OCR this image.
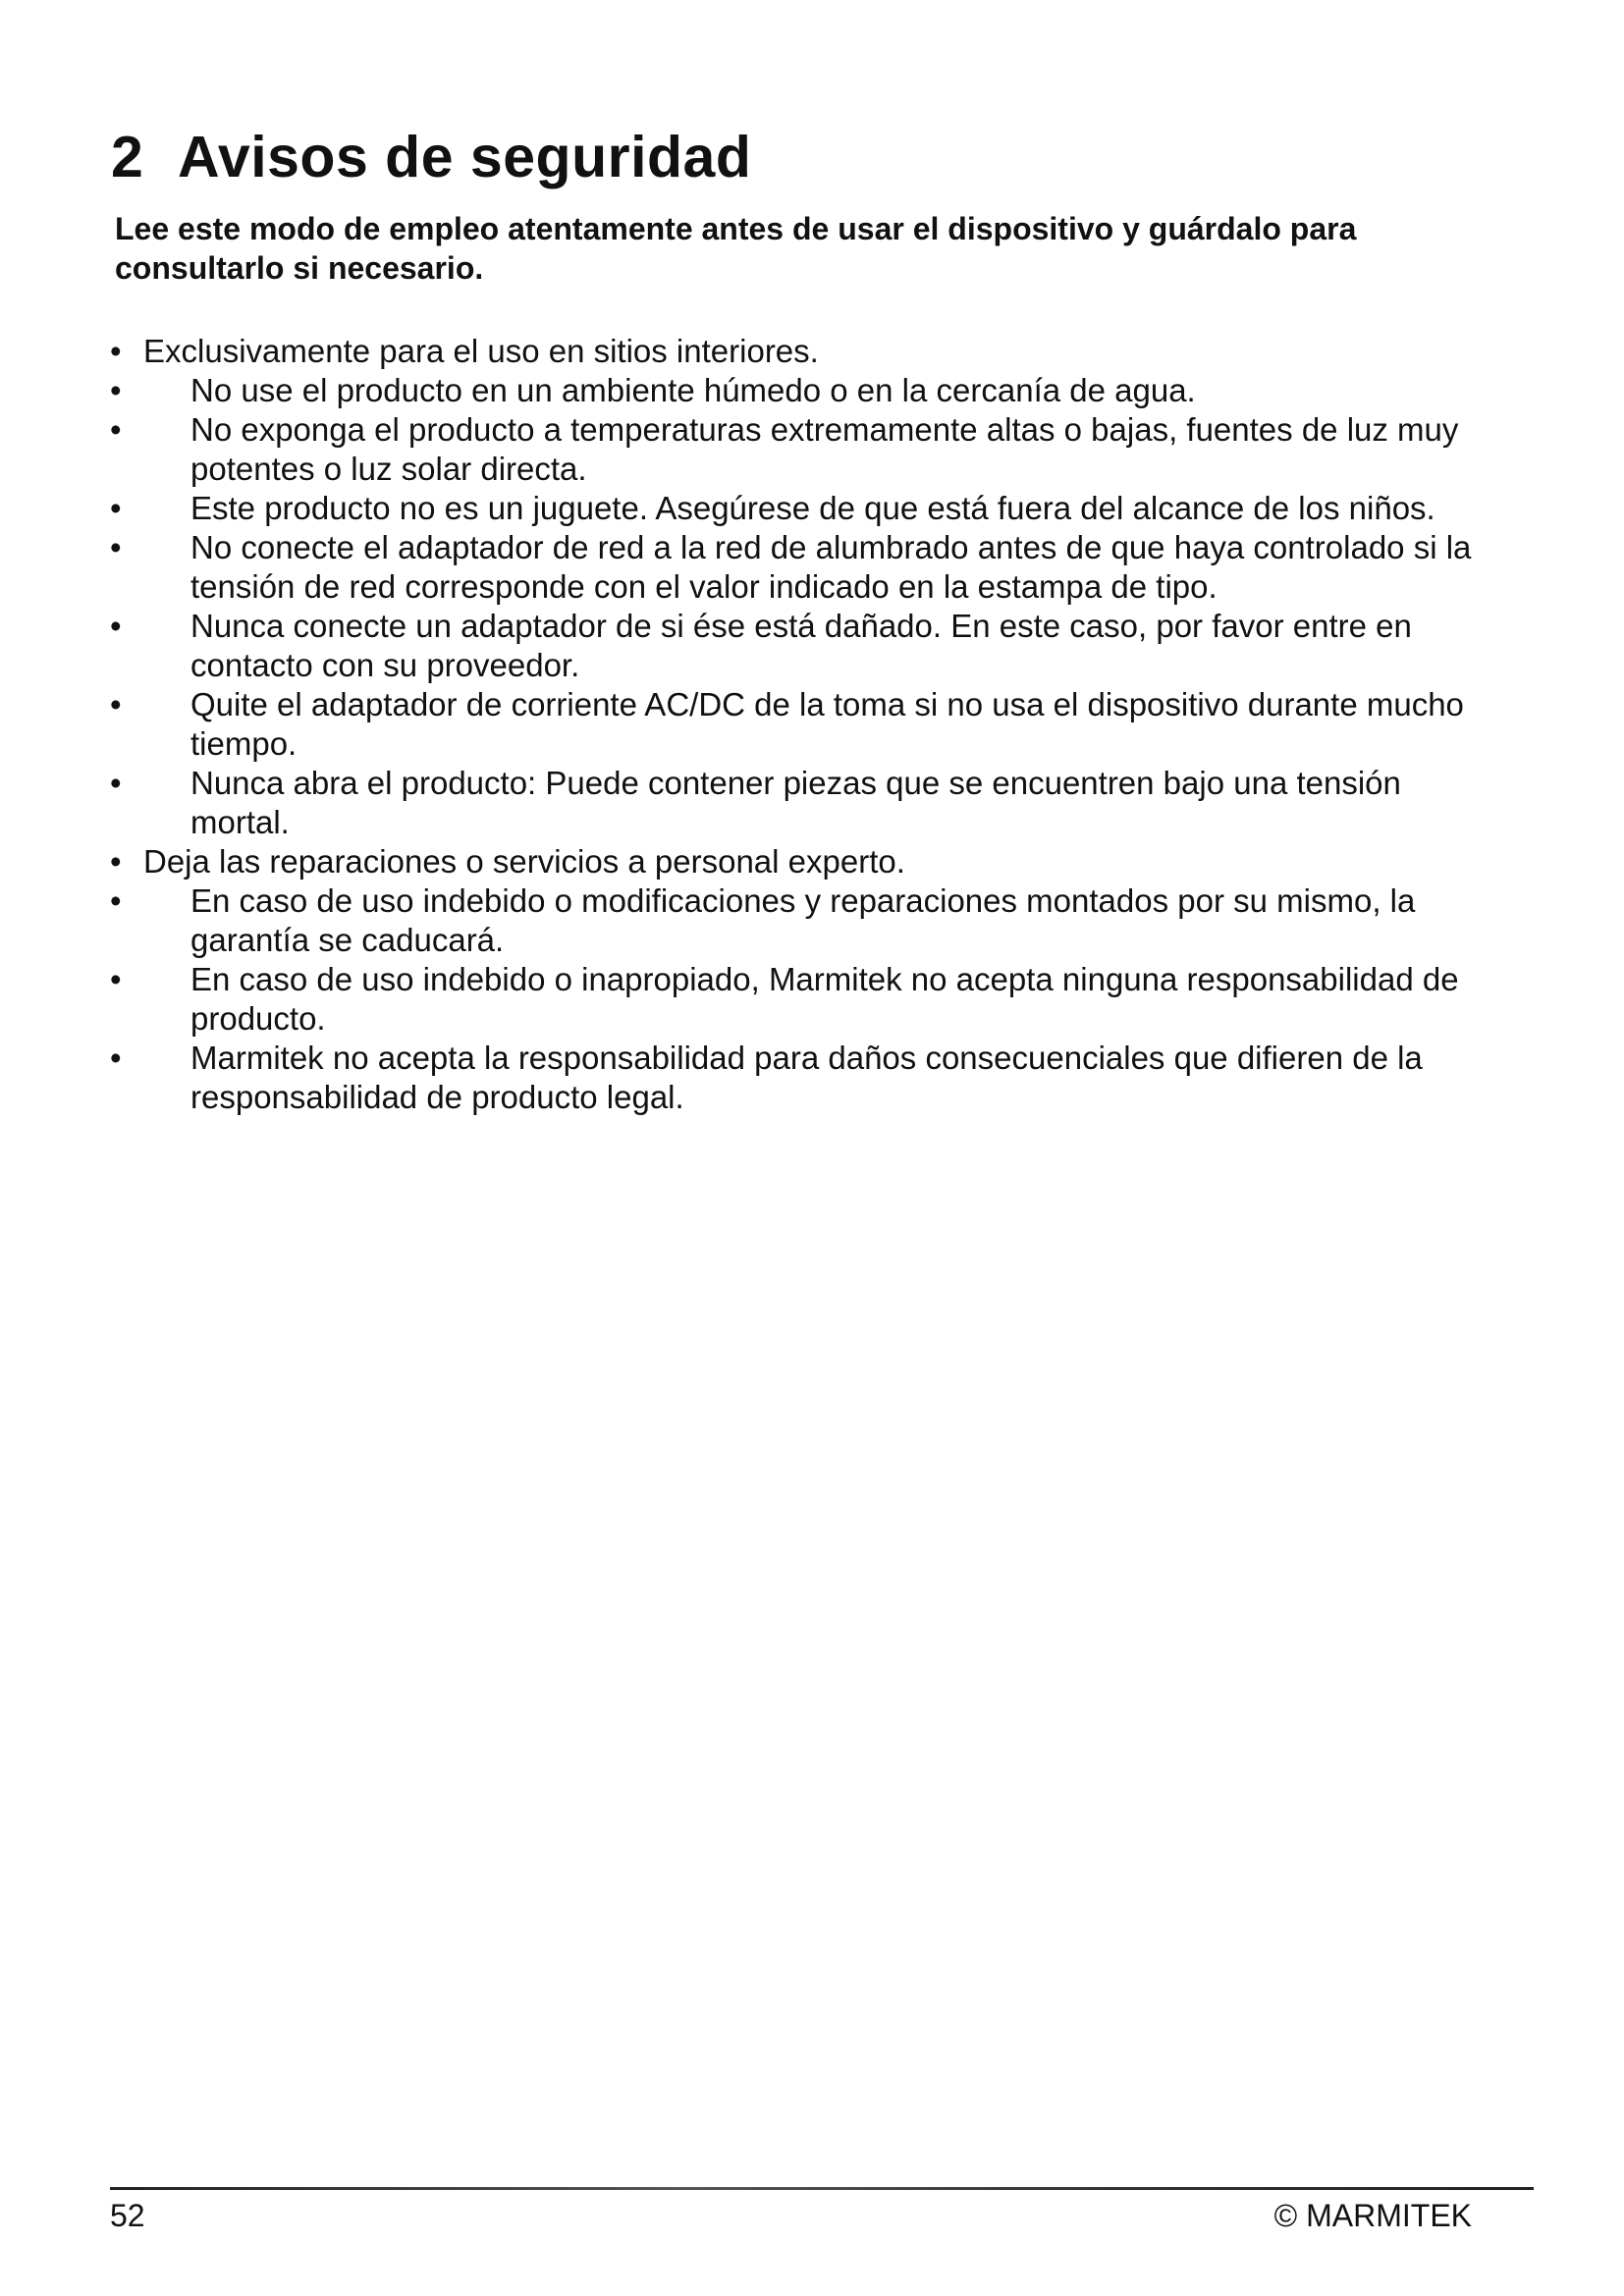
2 Avisos de seguridad

Lee este modo de empleo atentamente antes de usar el dispositivo y guárdalo para consultarlo si necesario.

• Exclusivamente para el uso en sitios interiores.
• No use el producto en un ambiente húmedo o en la cercanía de agua.
• No exponga el producto a temperaturas extremamente altas o bajas, fuentes de luz muy potentes o luz solar directa.
• Este producto no es un juguete. Asegúrese de que está fuera del alcance de los niños.
• No conecte el adaptador de red a la red de alumbrado antes de que haya controlado si la tensión de red corresponde con el valor indicado en la estampa de tipo.
• Nunca conecte un adaptador de si ése está dañado. En este caso, por favor entre en contacto con su proveedor.
• Quite el adaptador de corriente AC/DC de la toma si no usa el dispositivo durante mucho tiempo.
• Nunca abra el producto: Puede contener piezas que se encuentren bajo una tensión mortal.
• Deja las reparaciones o servicios a personal experto.
• En caso de uso indebido o modificaciones y reparaciones montados por su mismo, la garantía se caducará.
• En caso de uso indebido o inapropiado, Marmitek no acepta ninguna responsabilidad de producto.
• Marmitek no acepta la responsabilidad para daños consecuenciales que difieren de la responsabilidad de producto legal.
52	© MARMITEK
